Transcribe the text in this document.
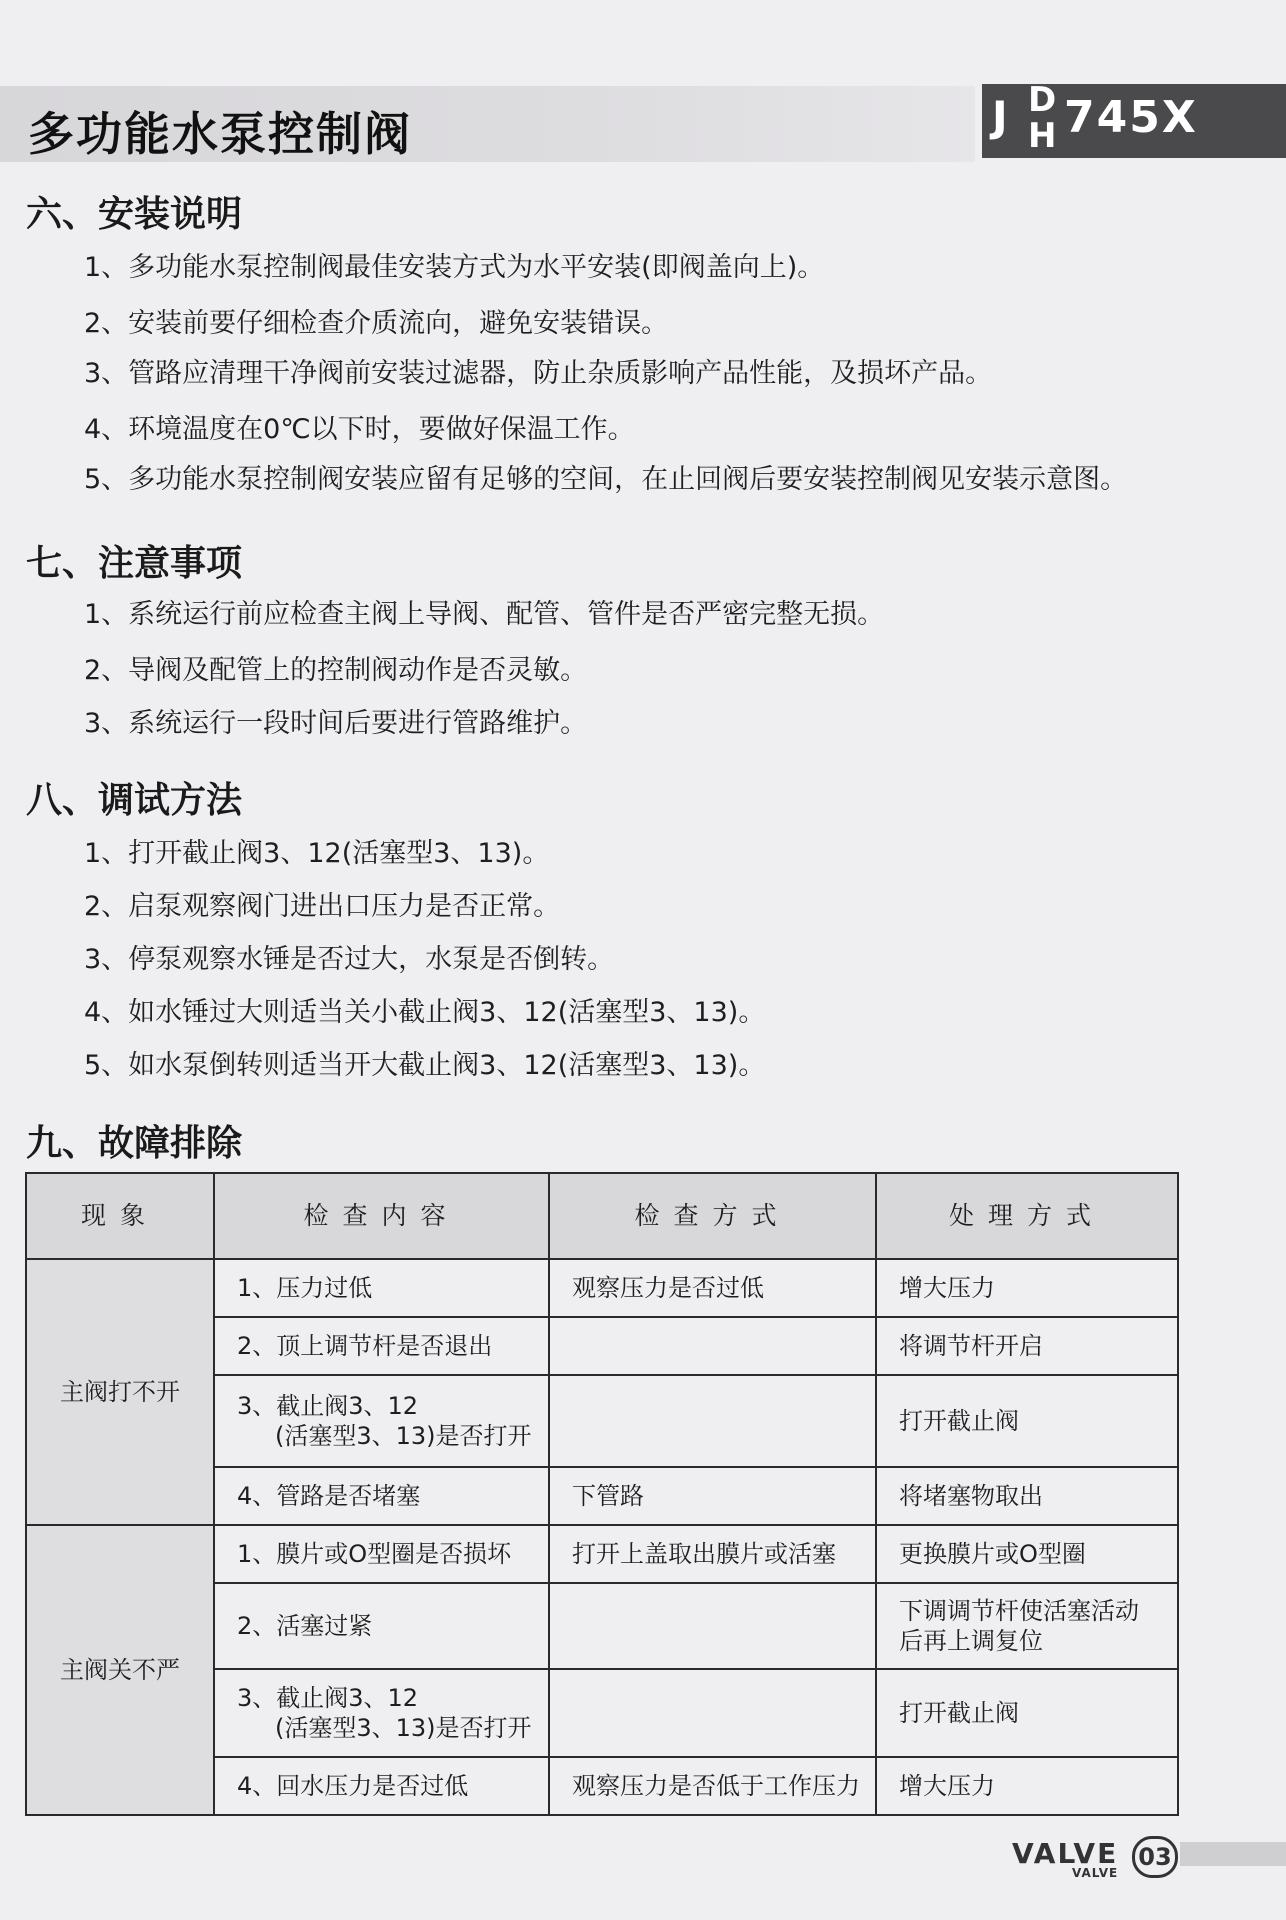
多功能水泵控制阀	J D
H 745X
六、安装说明
1、多功能水泵控制阀最佳安装方式为水平安装(即阀盖向上)。
2、安装前要仔细检查介质流向，避免安装错误。
3、管路应清理干净阀前安装过滤器，防止杂质影响产品性能，及损坏产品。
4、环境温度在0℃以下时，要做好保温工作。
5、多功能水泵控制阀安装应留有足够的空间，在止回阀后要安装控制阀见安装示意图。
七、注意事项
1、系统运行前应检查主阀上导阀、配管、管件是否严密完整无损。
2、导阀及配管上的控制阀动作是否灵敏。
3、系统运行一段时间后要进行管路维护。
八、调试方法
1、打开截止阀3、12(活塞型3、13)。
2、启泵观察阀门进出口压力是否正常。
3、停泵观察水锤是否过大，水泵是否倒转。
4、如水锤过大则适当关小截止阀3、12(活塞型3、13)。
5、如水泵倒转则适当开大截止阀3、12(活塞型3、13)。
九、故障排除
现象	检查内容	检查方式	处理方式
主阀打不开	1、压力过低	观察压力是否过低	增大压力
	2、顶上调节杆是否退出		将调节杆开启
	3、截止阀3、12
(活塞型3、13)是否打开		打开截止阀
	4、管路是否堵塞	下管路	将堵塞物取出
主阀关不严	1、膜片或O型圈是否损坏	打开上盖取出膜片或活塞	更换膜片或O型圈
	2、活塞过紧		下调调节杆使活塞活动
后再上调复位

	3、截止阀3、12
(活塞型3、13)是否打开		打开截止阀
	4、回水压力是否过低	观察压力是否低于工作压力	增大压力
VALVE
VALVE
03
